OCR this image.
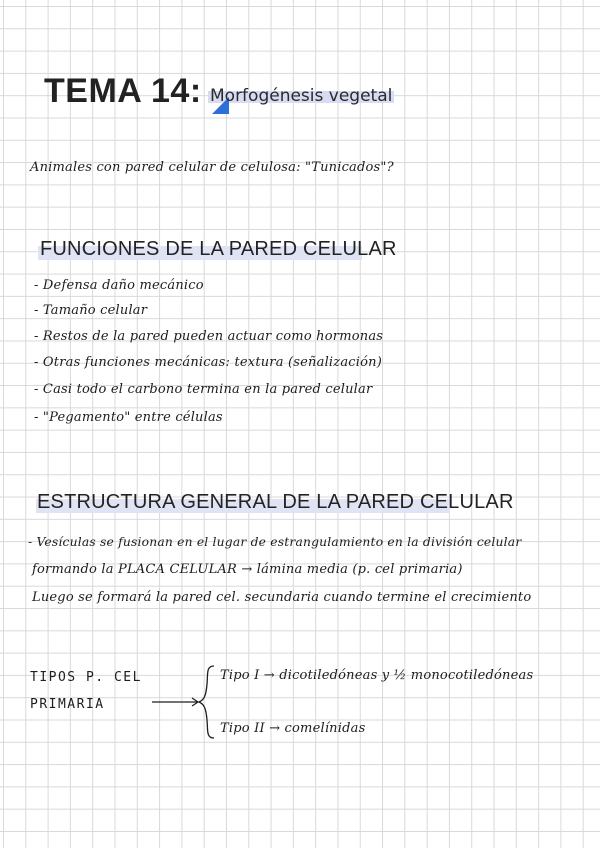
TEMA 14: Morfogénesis vegetal
Animales con pared celular de celulosa: "Tunicados"?
FUNCIONES DE LA PARED CELULAR
- Defensa daño mecánico
- Tamaño celular
- Restos de la pared pueden actuar como hormonas
- Otras funciones mecánicas: textura (señalización)
- Casi todo el carbono termina en la pared celular
- "Pegamento" entre células
ESTRUCTURA GENERAL DE LA PARED CELULAR
- Vesículas se fusionan en el lugar de estrangulamiento en la división celular
formando la PLACA CELULAR → lámina media (p. cel primaria)
Luego se formará la pared cel. secundaria cuando termine el crecimiento
TIPOS P. CEL
PRIMARIA
Tipo I → dicotiledóneas y ½ monocotiledóneas
Tipo II → comelínidas
